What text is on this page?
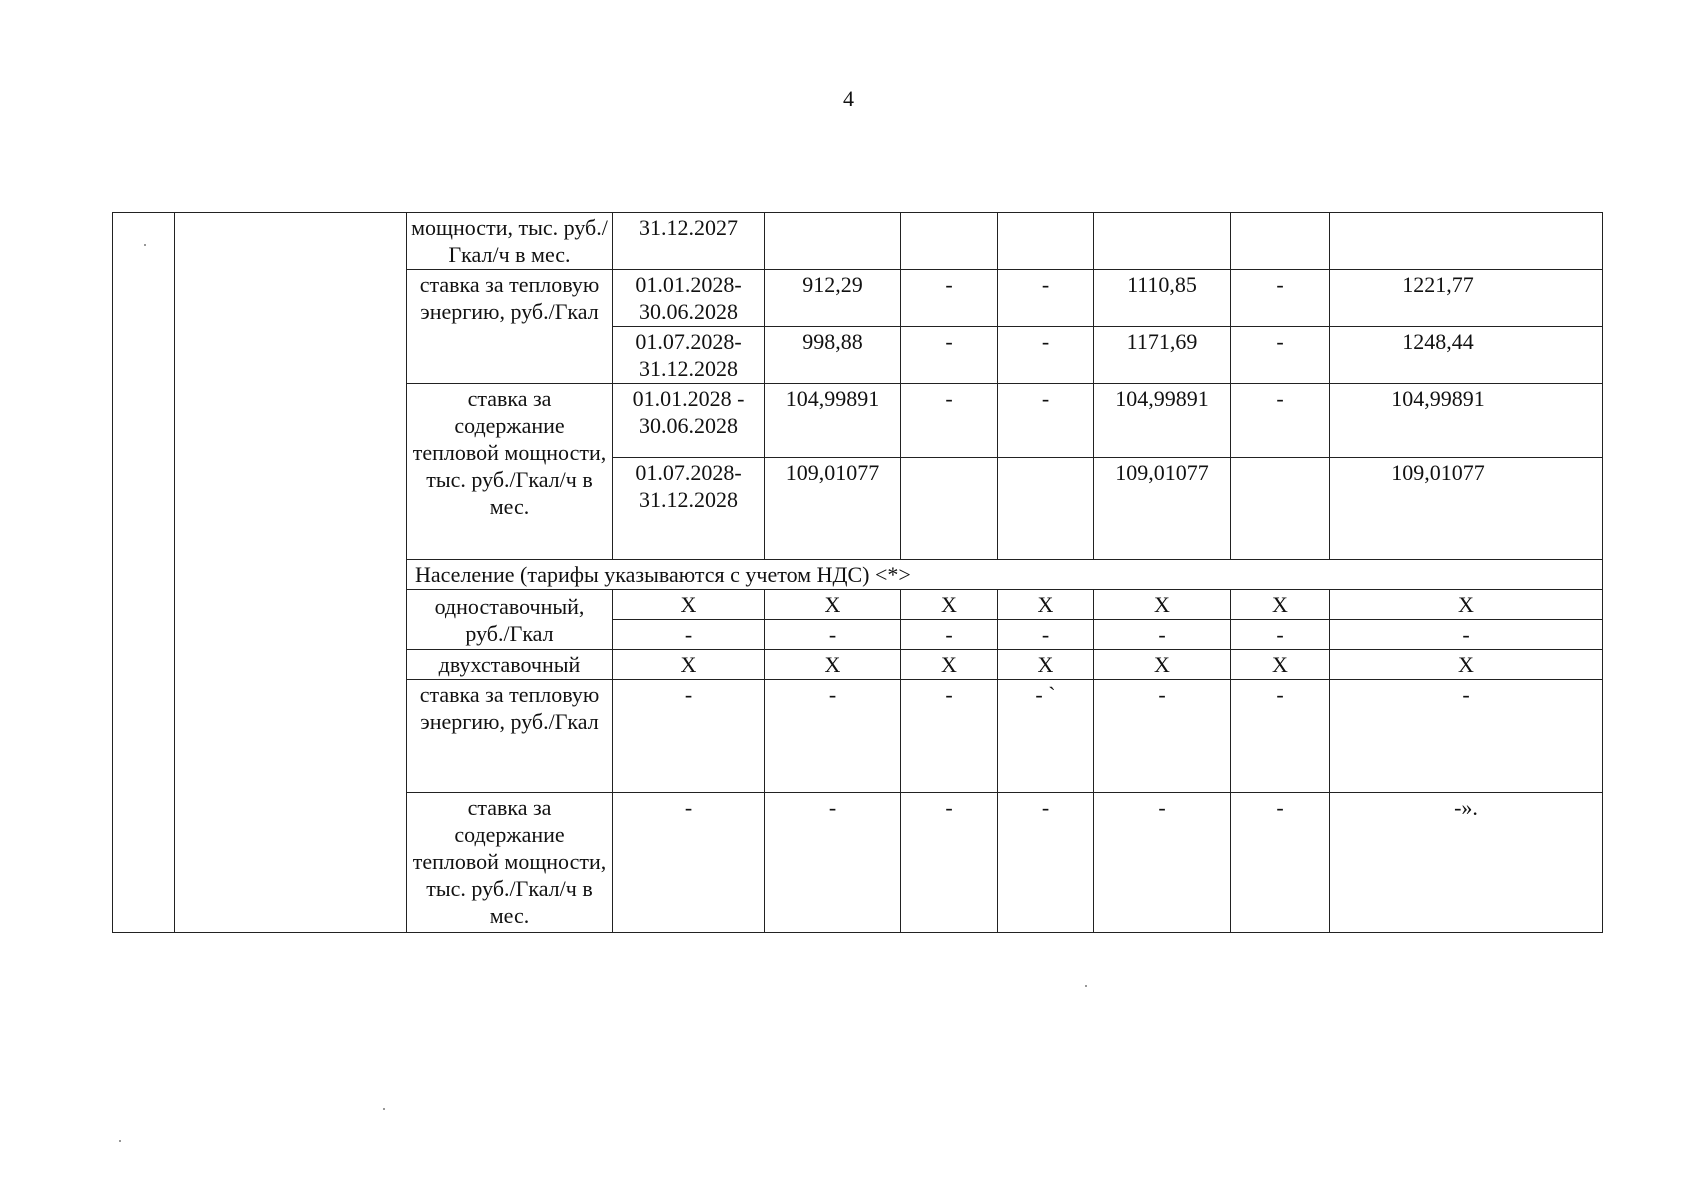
4
		мощности, тыс. руб./Гкал/ч в мес.	31.12.2027						
		ставка за тепловую энергию, руб./Гкал	01.01.2028-30.06.2028	912,29	-	-	1110,85	-	1221,77
			01.07.2028-31.12.2028	998,88	-	-	1171,69	-	1248,44
		ставка за содержание тепловой мощности, тыс. руб./Гкал/ч в мес.	01.01.2028 - 30.06.2028	104,99891	-	-	104,99891	-	104,99891
			01.07.2028-31.12.2028	109,01077			109,01077		109,01077
		Население (тарифы указываются с учетом НДС) <*>							
		одноставочный, руб./Гкал	X	X	X	X	X	X	X
			-	-	-	-	-	-	-
		двухставочный	X	X	X	X	X	X	X
		ставка за тепловую энергию, руб./Гкал	-	-	-	- `	-	-	-
		ставка за содержание тепловой мощности, тыс. руб./Гкал/ч в мес.	-	-	-	-	-	-	-».
